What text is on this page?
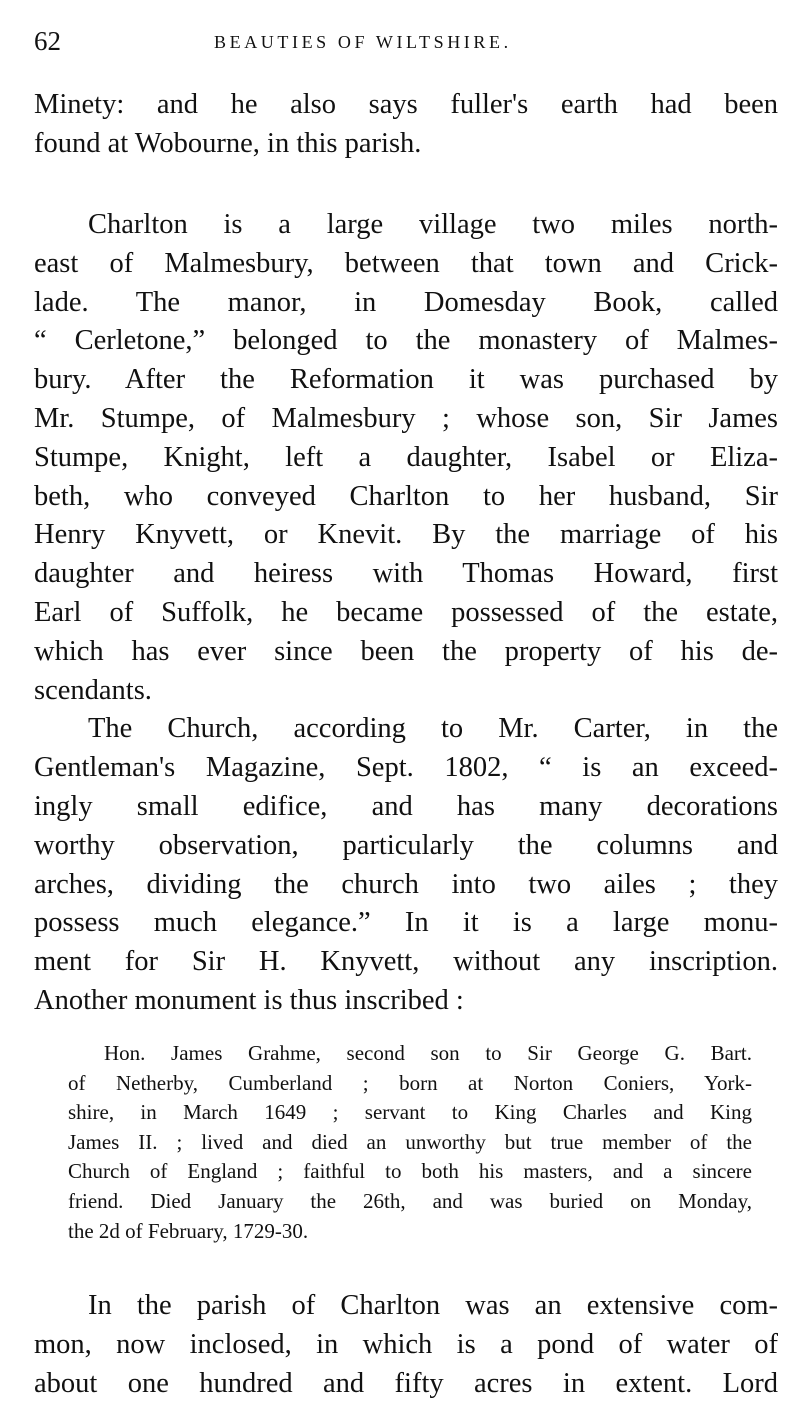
62	BEAUTIES OF WILTSHIRE.
Minety: and he also says fuller's earth had been
found at Wobourne, in this parish.
Charlton is a large village two miles north-
east of Malmesbury, between that town and Crick-
lade. The manor, in Domesday Book, called
“ Cerletone,” belonged to the monastery of Malmes-
bury. After the Reformation it was purchased by
Mr. Stumpe, of Malmesbury ; whose son, Sir James
Stumpe, Knight, left a daughter, Isabel or Eliza-
beth, who conveyed Charlton to her husband, Sir
Henry Knyvett, or Knevit. By the marriage of his
daughter and heiress with Thomas Howard, first
Earl of Suffolk, he became possessed of the estate,
which has ever since been the property of his de-
scendants.
The Church, according to Mr. Carter, in the
Gentleman's Magazine, Sept. 1802, “ is an exceed-
ingly small edifice, and has many decorations
worthy observation, particularly the columns and
arches, dividing the church into two ailes ; they
possess much elegance.” In it is a large monu-
ment for Sir H. Knyvett, without any inscription.
Another monument is thus inscribed :
Hon. James Grahme, second son to Sir George G. Bart.
of Netherby, Cumberland ; born at Norton Coniers, York-
shire, in March 1649 ; servant to King Charles and King
James II. ; lived and died an unworthy but true member of the
Church of England ; faithful to both his masters, and a sincere
friend. Died January the 26th, and was buried on Monday,
the 2d of February, 1729-30.
In the parish of Charlton was an extensive com-
mon, now inclosed, in which is a pond of water of
about one hundred and fifty acres in extent. Lord
